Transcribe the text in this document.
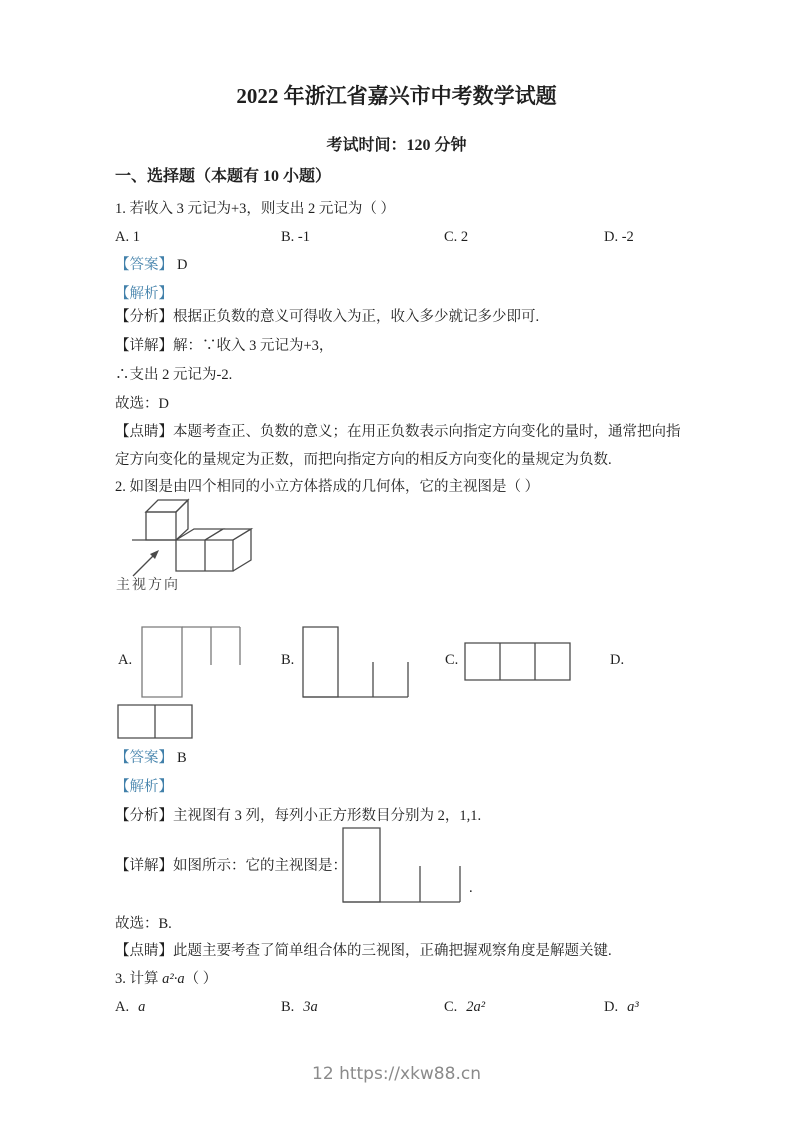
2022 年浙江省嘉兴市中考数学试题
考试时间：120 分钟
一、选择题（本题有 10 小题）
1. 若收入 3 元记为+3，则支出 2 元记为（ ）
A. 1	B. -1	C. 2	D. -2
【答案】 D
【解析】
【分析】根据正负数的意义可得收入为正，收入多少就记多少即可.
【详解】解：∵收入 3 元记为+3，
∴支出 2 元记为-2.
故选：D
【点睛】本题考查正、负数的意义；在用正负数表示向指定方向变化的量时，通常把向指定方向变化的量规定为正数，而把向指定方向的相反方向变化的量规定为负数.
2. 如图是由四个相同的小立方体搭成的几何体，它的主视图是（ ）
主视方向
A.	B.	C.	D.
【答案】 B
【解析】
【分析】主视图有 3 列，每列小正方形数目分别为 2，1,1.
【详解】如图所示：它的主视图是：
.
故选：B.
【点睛】此题主要考查了简单组合体的三视图，正确把握观察角度是解题关键.
3. 计算 a²·a（ ）
A. a	B. 3a	C. 2a²	D. a³
12 https://xkw88.cn
